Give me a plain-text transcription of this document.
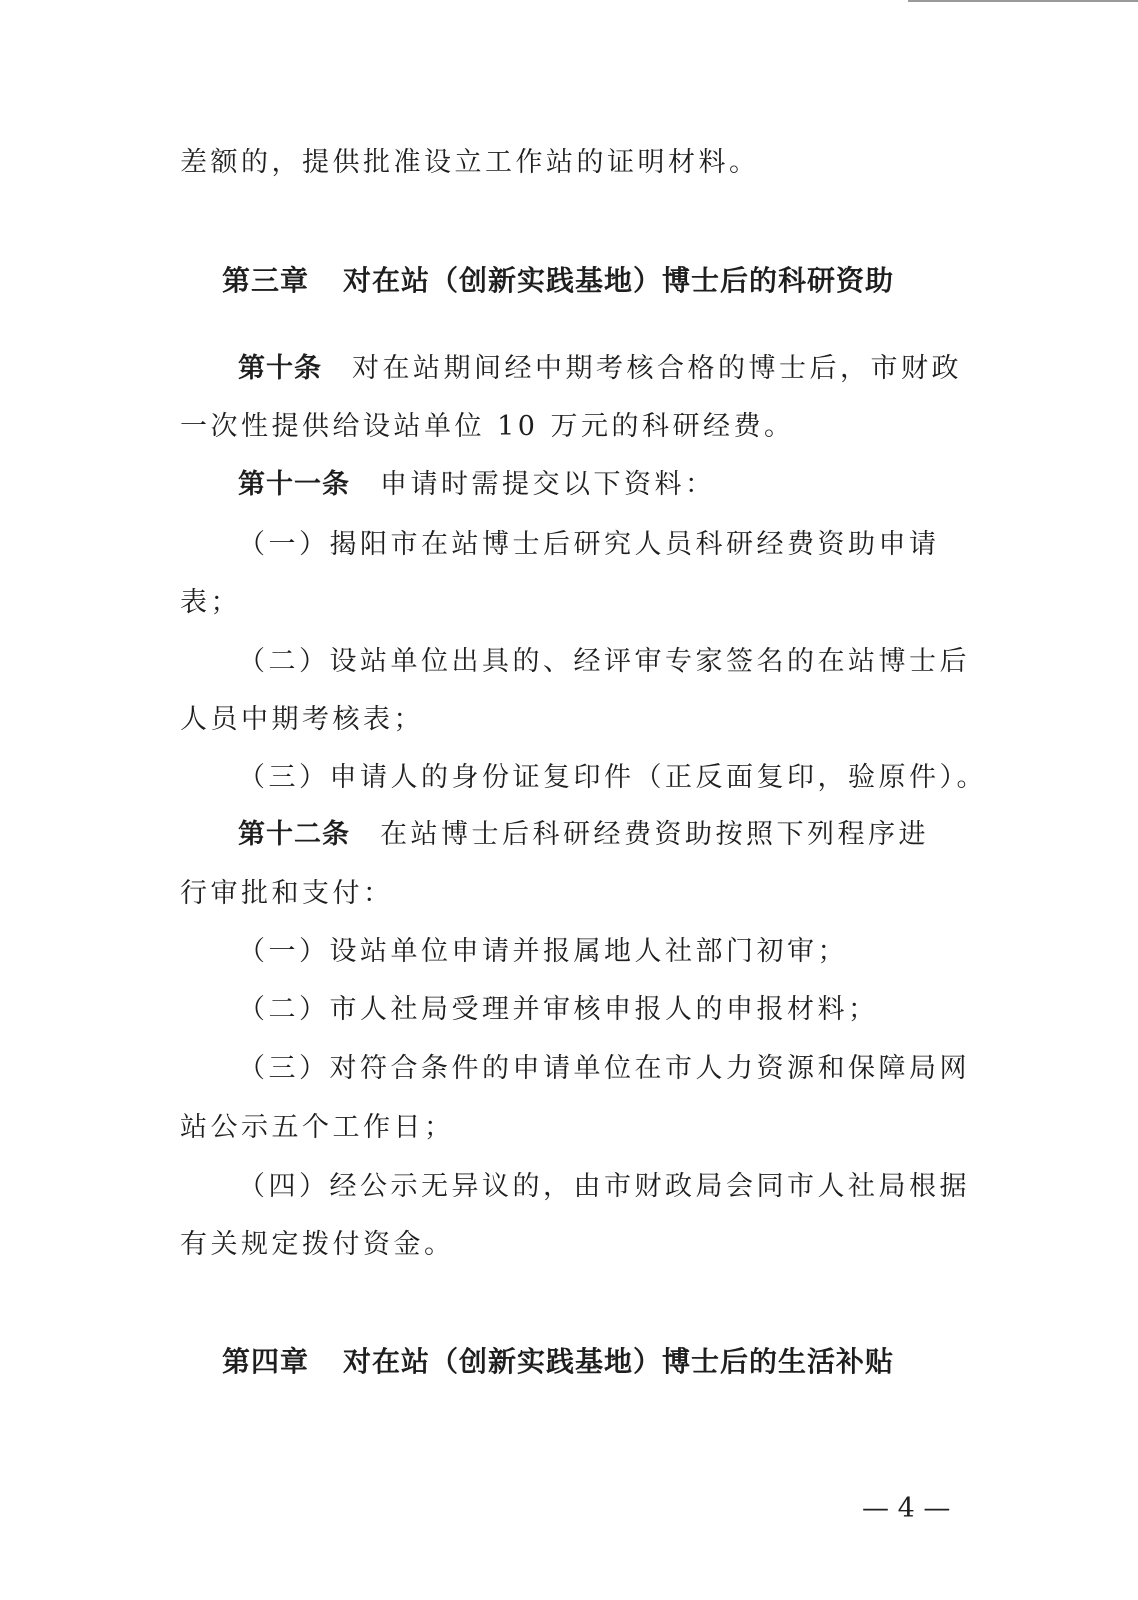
差额的，提供批准设立工作站的证明材料。
第三章 对在站（创新实践基地）博士后的科研资助
第十条 对在站期间经中期考核合格的博士后，市财政
一次性提供给设站单位 10 万元的科研经费。
第十一条 申请时需提交以下资料：
（一）揭阳市在站博士后研究人员科研经费资助申请
表；
（二）设站单位出具的、经评审专家签名的在站博士后
人员中期考核表；
（三）申请人的身份证复印件（正反面复印，验原件）。
第十二条 在站博士后科研经费资助按照下列程序进
行审批和支付：
（一）设站单位申请并报属地人社部门初审；
（二）市人社局受理并审核申报人的申报材料；
（三）对符合条件的申请单位在市人力资源和保障局网
站公示五个工作日；
（四）经公示无异议的，由市财政局会同市人社局根据
有关规定拨付资金。
第四章 对在站（创新实践基地）博士后的生活补贴
— 4 —
